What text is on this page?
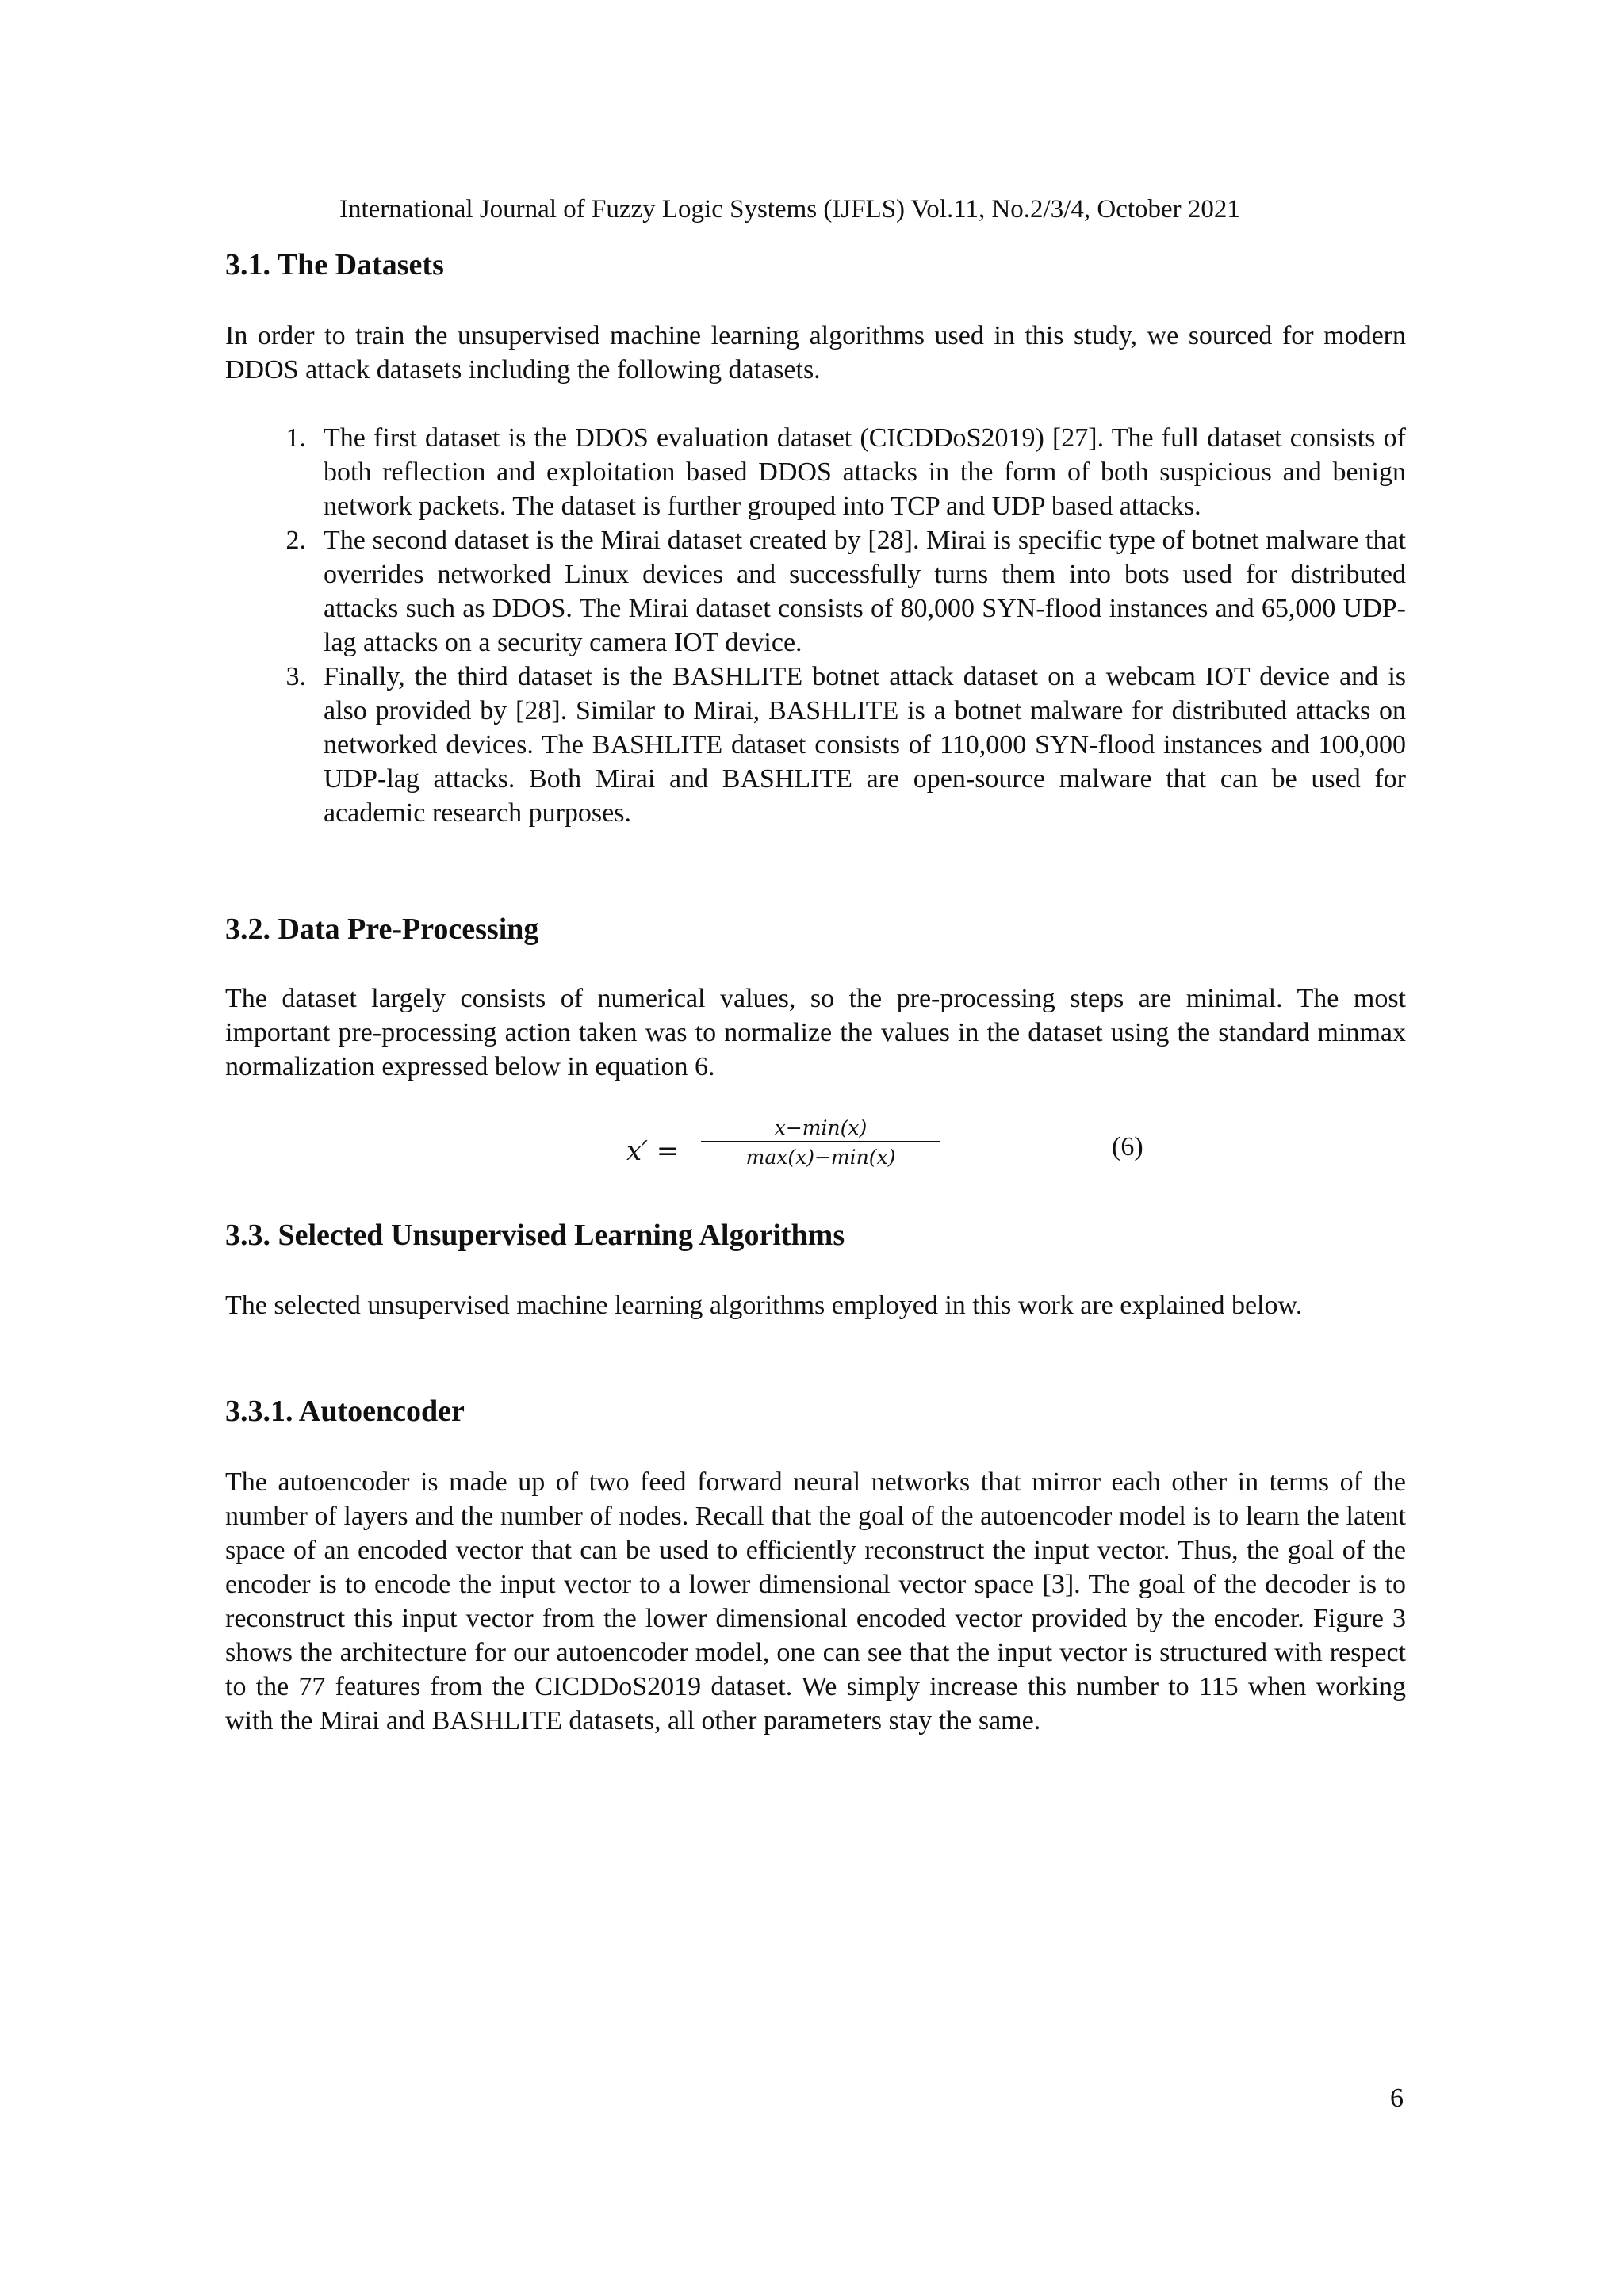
International Journal of Fuzzy Logic Systems (IJFLS) Vol.11, No.2/3/4, October 2021
3.1. The Datasets

In order to train the unsupervised machine learning algorithms used in this study, we sourced for modern DDOS attack datasets including the following datasets.

1. The first dataset is the DDOS evaluation dataset (CICDDoS2019) [27]. The full dataset consists of both reflection and exploitation based DDOS attacks in the form of both suspicious and benign network packets. The dataset is further grouped into TCP and UDP based attacks.
2. The second dataset is the Mirai dataset created by [28]. Mirai is specific type of botnet malware that overrides networked Linux devices and successfully turns them into bots used for distributed attacks such as DDOS. The Mirai dataset consists of 80,000 SYN-flood instances and 65,000 UDP-lag attacks on a security camera IOT device.
3. Finally, the third dataset is the BASHLITE botnet attack dataset on a webcam IOT device and is also provided by [28]. Similar to Mirai, BASHLITE is a botnet malware for distributed attacks on networked devices. The BASHLITE dataset consists of 110,000 SYN-flood instances and 100,000 UDP-lag attacks. Both Mirai and BASHLITE are open-source malware that can be used for academic research purposes.
3.2. Data Pre-Processing

The dataset largely consists of numerical values, so the pre-processing steps are minimal. The most important pre-processing action taken was to normalize the values in the dataset using the standard minmax normalization expressed below in equation 6.

x′ =
x−min(x)
max(x)−min(x)	(6)
3.3. Selected Unsupervised Learning Algorithms

The selected unsupervised machine learning algorithms employed in this work are explained below.

3.3.1. Autoencoder

The autoencoder is made up of two feed forward neural networks that mirror each other in terms of the number of layers and the number of nodes. Recall that the goal of the autoencoder model is to learn the latent space of an encoded vector that can be used to efficiently reconstruct the input vector. Thus, the goal of the encoder is to encode the input vector to a lower dimensional vector space [3]. The goal of the decoder is to reconstruct this input vector from the lower dimensional encoded vector provided by the encoder. Figure 3 shows the architecture for our autoencoder model, one can see that the input vector is structured with respect to the 77 features from the CICDDoS2019 dataset. We simply increase this number to 115 when working with the Mirai and BASHLITE datasets, all other parameters stay the same.

6
